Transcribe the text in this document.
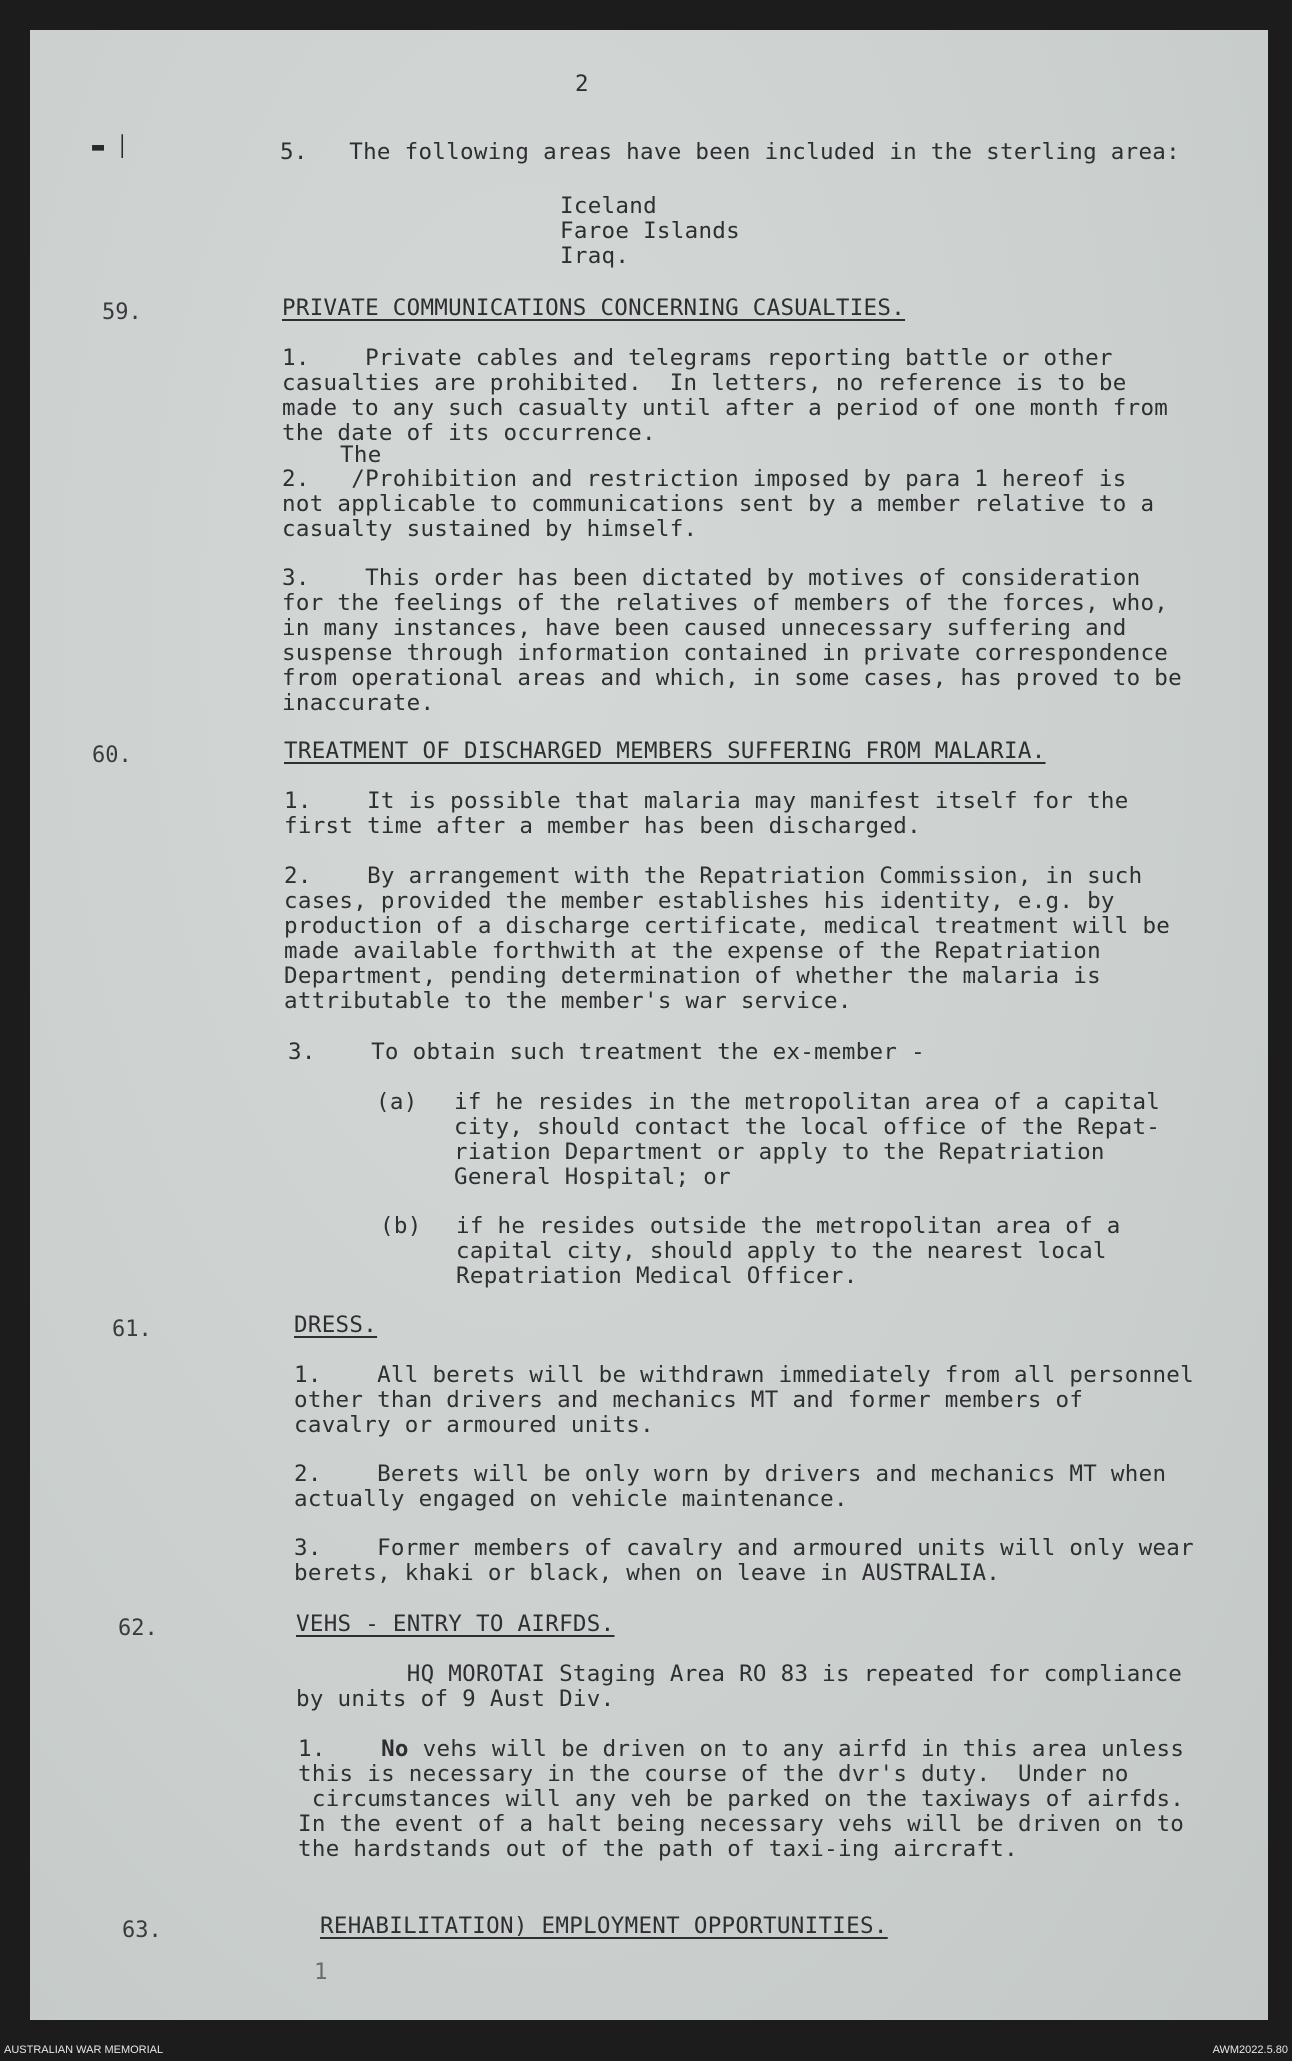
2
▬ │	5.   The following areas have been included in the sterling area:
Iceland
Faroe Islands
Iraq.
59.	PRIVATE COMMUNICATIONS CONCERNING CASUALTIES.
1.    Private cables and telegrams reporting battle or other
casualties are prohibited.  In letters, no reference is to be
made to any such casualty until after a period of one month from
the date of its occurrence.
The
2.   /Prohibition and restriction imposed by para 1 hereof is
not applicable to communications sent by a member relative to a
casualty sustained by himself.
3.    This order has been dictated by motives of consideration
for the feelings of the relatives of members of the forces, who,
in many instances, have been caused unnecessary suffering and
suspense through information contained in private correspondence
from operational areas and which, in some cases, has proved to be
inaccurate.
60.	TREATMENT OF DISCHARGED MEMBERS SUFFERING FROM MALARIA.
1.    It is possible that malaria may manifest itself for the
first time after a member has been discharged.
2.    By arrangement with the Repatriation Commission, in such
cases, provided the member establishes his identity, e.g. by
production of a discharge certificate, medical treatment will be
made available forthwith at the expense of the Repatriation
Department, pending determination of whether the malaria is
attributable to the member's war service.
3.    To obtain such treatment the ex-member -
(a) if he resides in the metropolitan area of a capital
city, should contact the local office of the Repat-
riation Department or apply to the Repatriation
General Hospital; or
(b) if he resides outside the metropolitan area of a
capital city, should apply to the nearest local
Repatriation Medical Officer.
61.	DRESS.
1.    All berets will be withdrawn immediately from all personnel
other than drivers and mechanics MT and former members of
cavalry or armoured units.
2.    Berets will be only worn by drivers and mechanics MT when
actually engaged on vehicle maintenance.
3.    Former members of cavalry and armoured units will only wear
berets, khaki or black, when on leave in AUSTRALIA.
62.	VEHS - ENTRY TO AIRFDS.
HQ MOROTAI Staging Area RO 83 is repeated for compliance
by units of 9 Aust Div.
1.    No vehs will be driven on to any airfd in this area unless
this is necessary in the course of the dvr's duty.  Under no
circumstances will any veh be parked on the taxiways of airfds.
In the event of a halt being necessary vehs will be driven on to
the hardstands out of the path of taxi-ing aircraft.
63.	REHABILITATION) EMPLOYMENT OPPORTUNITIES.
1
AUSTRALIAN WAR MEMORIAL	AWM2022.5.80
